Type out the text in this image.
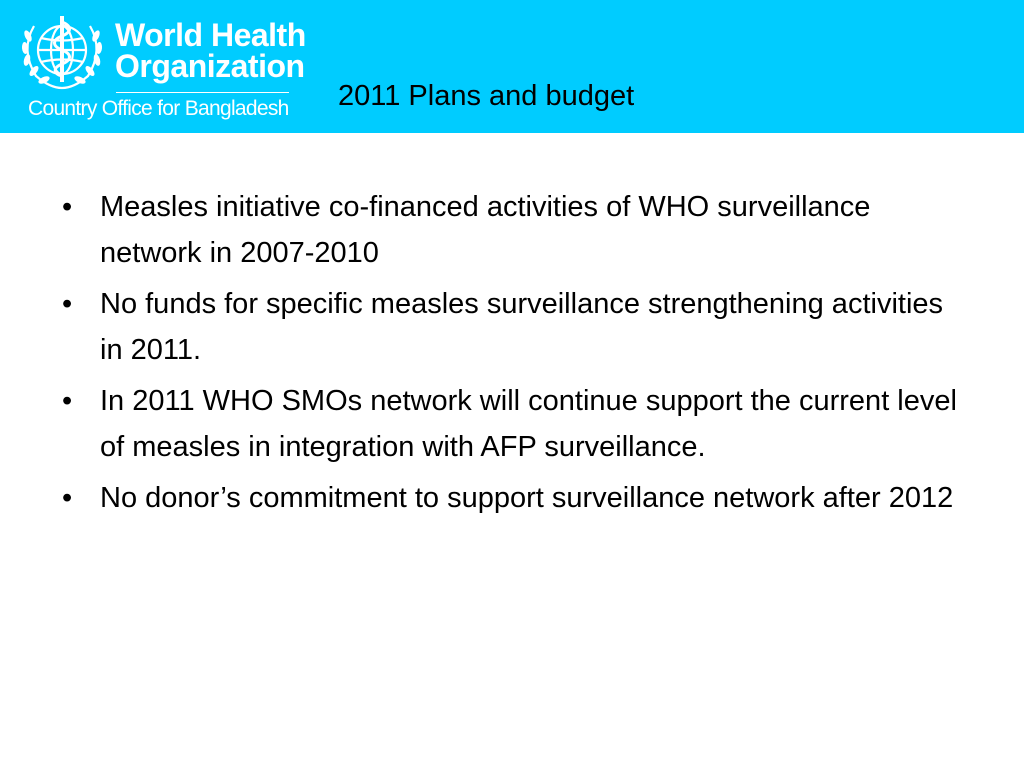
World Health
Organization
Country Office for Bangladesh 2011 Plans and budget
• Measles initiative co-financed activities of WHO surveillance network in 2007-2010
• No funds for specific measles surveillance strengthening activities in 2011.
• In 2011 WHO SMOs network will continue support the current level of measles in integration with AFP surveillance.
• No donor’s commitment to support surveillance network after 2012
